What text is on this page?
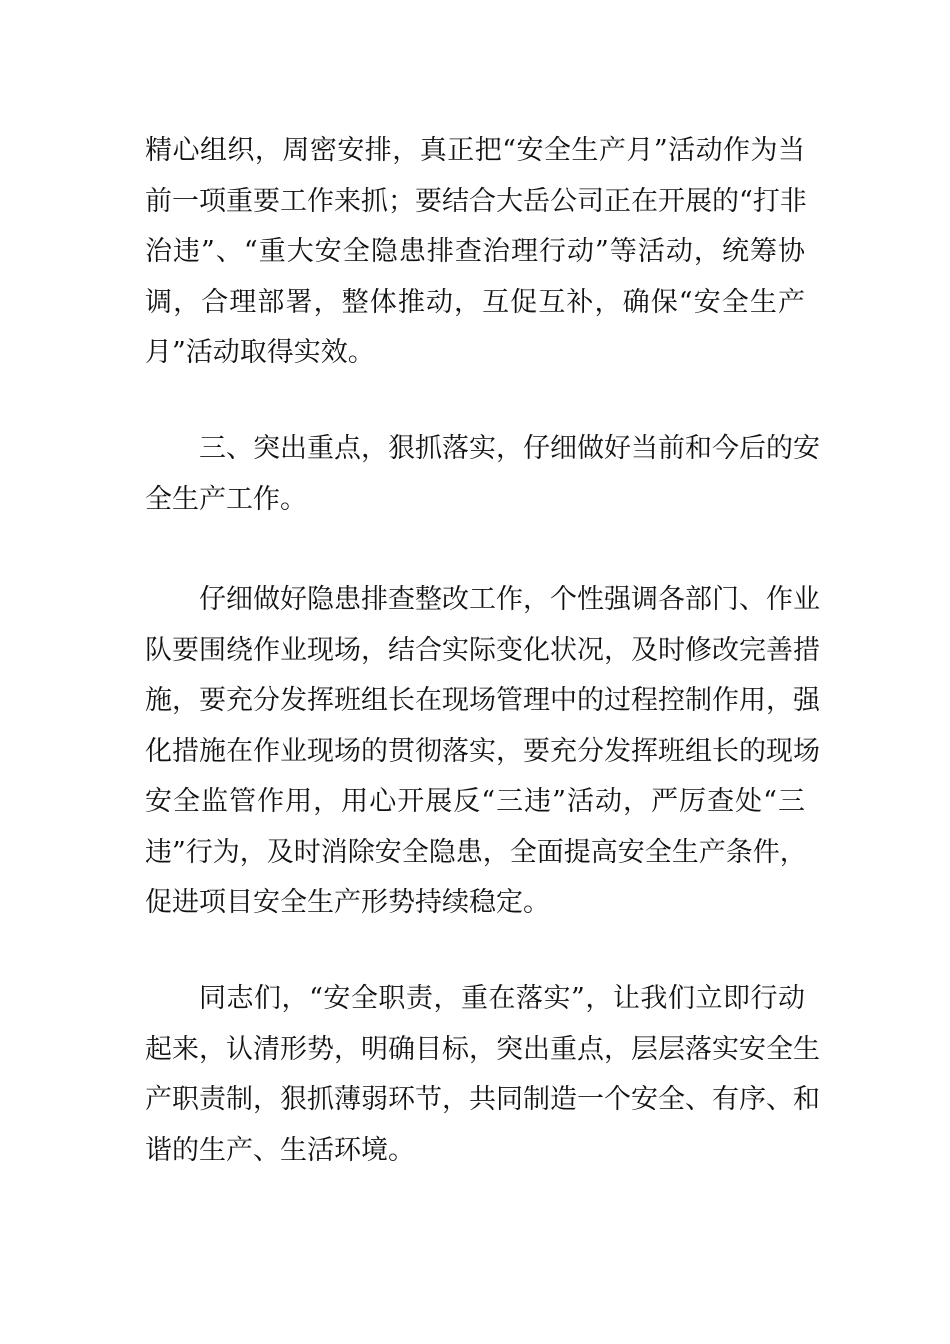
精心组织，周密安排，真正把“安全生产月”活动作为当
前一项重要工作来抓；要结合大岳公司正在开展的“打非
治违”、“重大安全隐患排查治理行动”等活动，统筹协
调，合理部署，整体推动，互促互补，确保“安全生产
月”活动取得实效。
三、突出重点，狠抓落实，仔细做好当前和今后的安
全生产工作。
仔细做好隐患排查整改工作，个性强调各部门、作业
队要围绕作业现场，结合实际变化状况，及时修改完善措
施，要充分发挥班组长在现场管理中的过程控制作用，强
化措施在作业现场的贯彻落实，要充分发挥班组长的现场
安全监管作用，用心开展反“三违”活动，严厉查处“三
违”行为，及时消除安全隐患，全面提高安全生产条件，
促进项目安全生产形势持续稳定。
同志们，“安全职责，重在落实”，让我们立即行动
起来，认清形势，明确目标，突出重点，层层落实安全生
产职责制，狠抓薄弱环节，共同制造一个安全、有序、和
谐的生产、生活环境。
